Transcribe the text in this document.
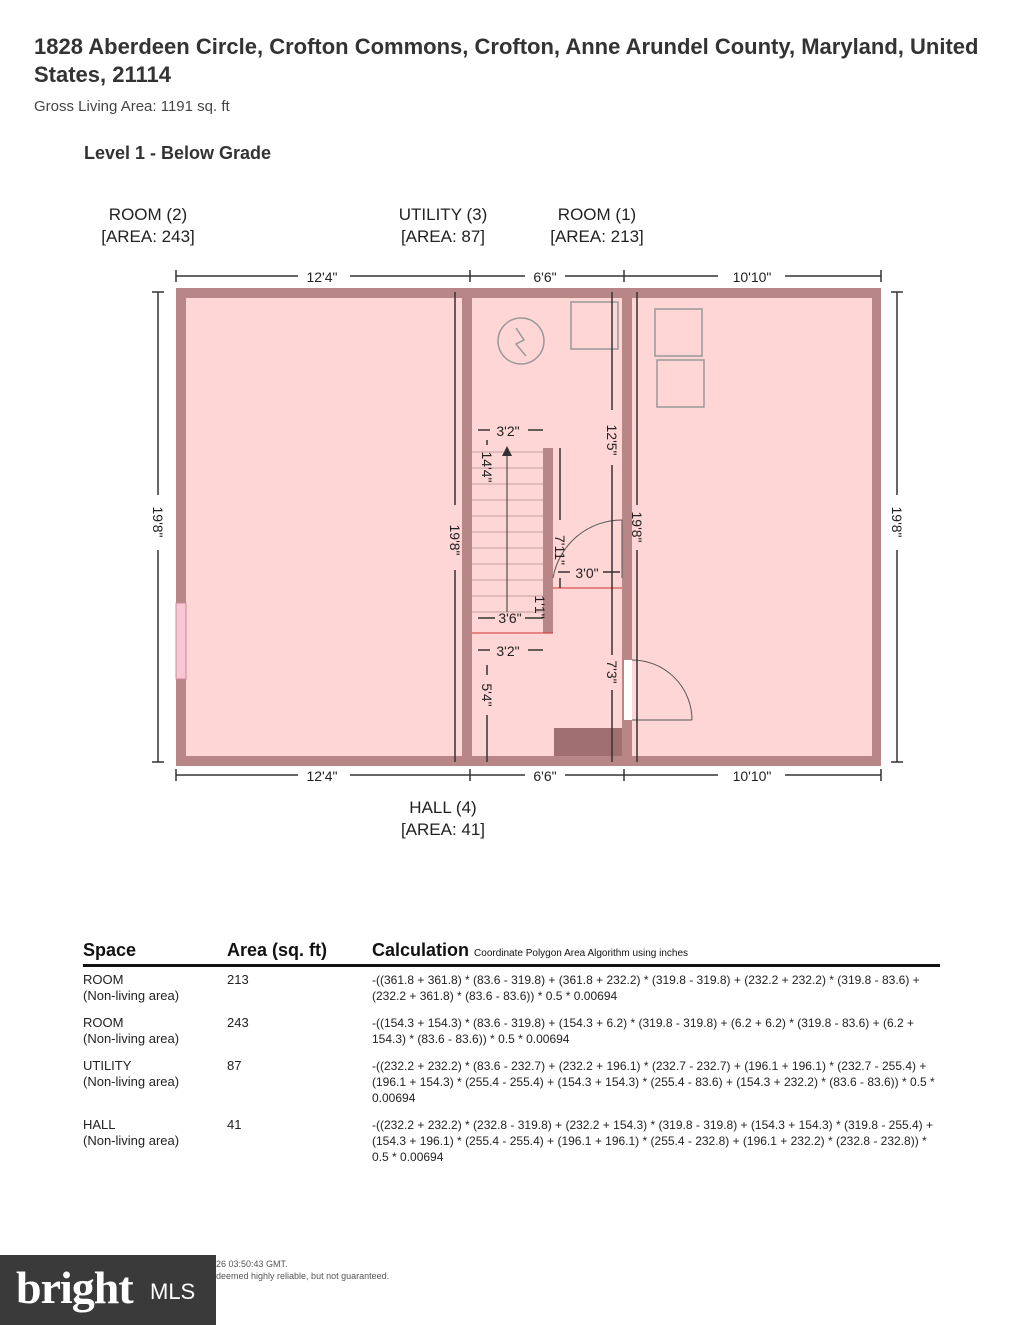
1828 Aberdeen Circle, Crofton Commons, Crofton, Anne Arundel County, Maryland, United States, 21114
Gross Living Area: 1191 sq. ft
Level 1 - Below Grade
ROOM (2)
[AREA: 243]
UTILITY (3)
[AREA: 87]
ROOM (1)
[AREA: 213]
12'4"	6'6"	10'10"
12'4"	6'6"	10'10"
19'8"	19'8"
19'8"	19'8"
12'5"
7'3"
3'2"
14'4"
7'11"
3'0"
3'6" 1'1"
3'2"
5'4"
HALL (4)
[AREA: 41]
Space	Area (sq. ft)	Calculation Coordinate Polygon Area Algorithm using inches
ROOM
(Non-living area)	213	-((361.8 + 361.8) * (83.6 - 319.8) + (361.8 + 232.2) * (319.8 - 319.8) + (232.2 + 232.2) * (319.8 - 83.6) + (232.2 + 361.8) * (83.6 - 83.6)) * 0.5 * 0.00694
ROOM
(Non-living area)	243	-((154.3 + 154.3) * (83.6 - 319.8) + (154.3 + 6.2) * (319.8 - 319.8) + (6.2 + 6.2) * (319.8 - 83.6) + (6.2 + 154.3) * (83.6 - 83.6)) * 0.5 * 0.00694
UTILITY
(Non-living area)	87	-((232.2 + 232.2) * (83.6 - 232.7) + (232.2 + 196.1) * (232.7 - 232.7) + (196.1 + 196.1) * (232.7 - 255.4) + (196.1 + 154.3) * (255.4 - 255.4) + (154.3 + 154.3) * (255.4 - 83.6) + (154.3 + 232.2) * (83.6 - 83.6)) * 0.5 * 0.00694
HALL
(Non-living area)	41	-((232.2 + 232.2) * (232.8 - 319.8) + (232.2 + 154.3) * (319.8 - 319.8) + (154.3 + 154.3) * (319.8 - 255.4) + (154.3 + 196.1) * (255.4 - 255.4) + (196.1 + 196.1) * (255.4 - 232.8) + (196.1 + 232.2) * (232.8 - 232.8)) * 0.5 * 0.00694
bright MLS
26 03:50:43 GMT.
deemed highly reliable, but not guaranteed.
